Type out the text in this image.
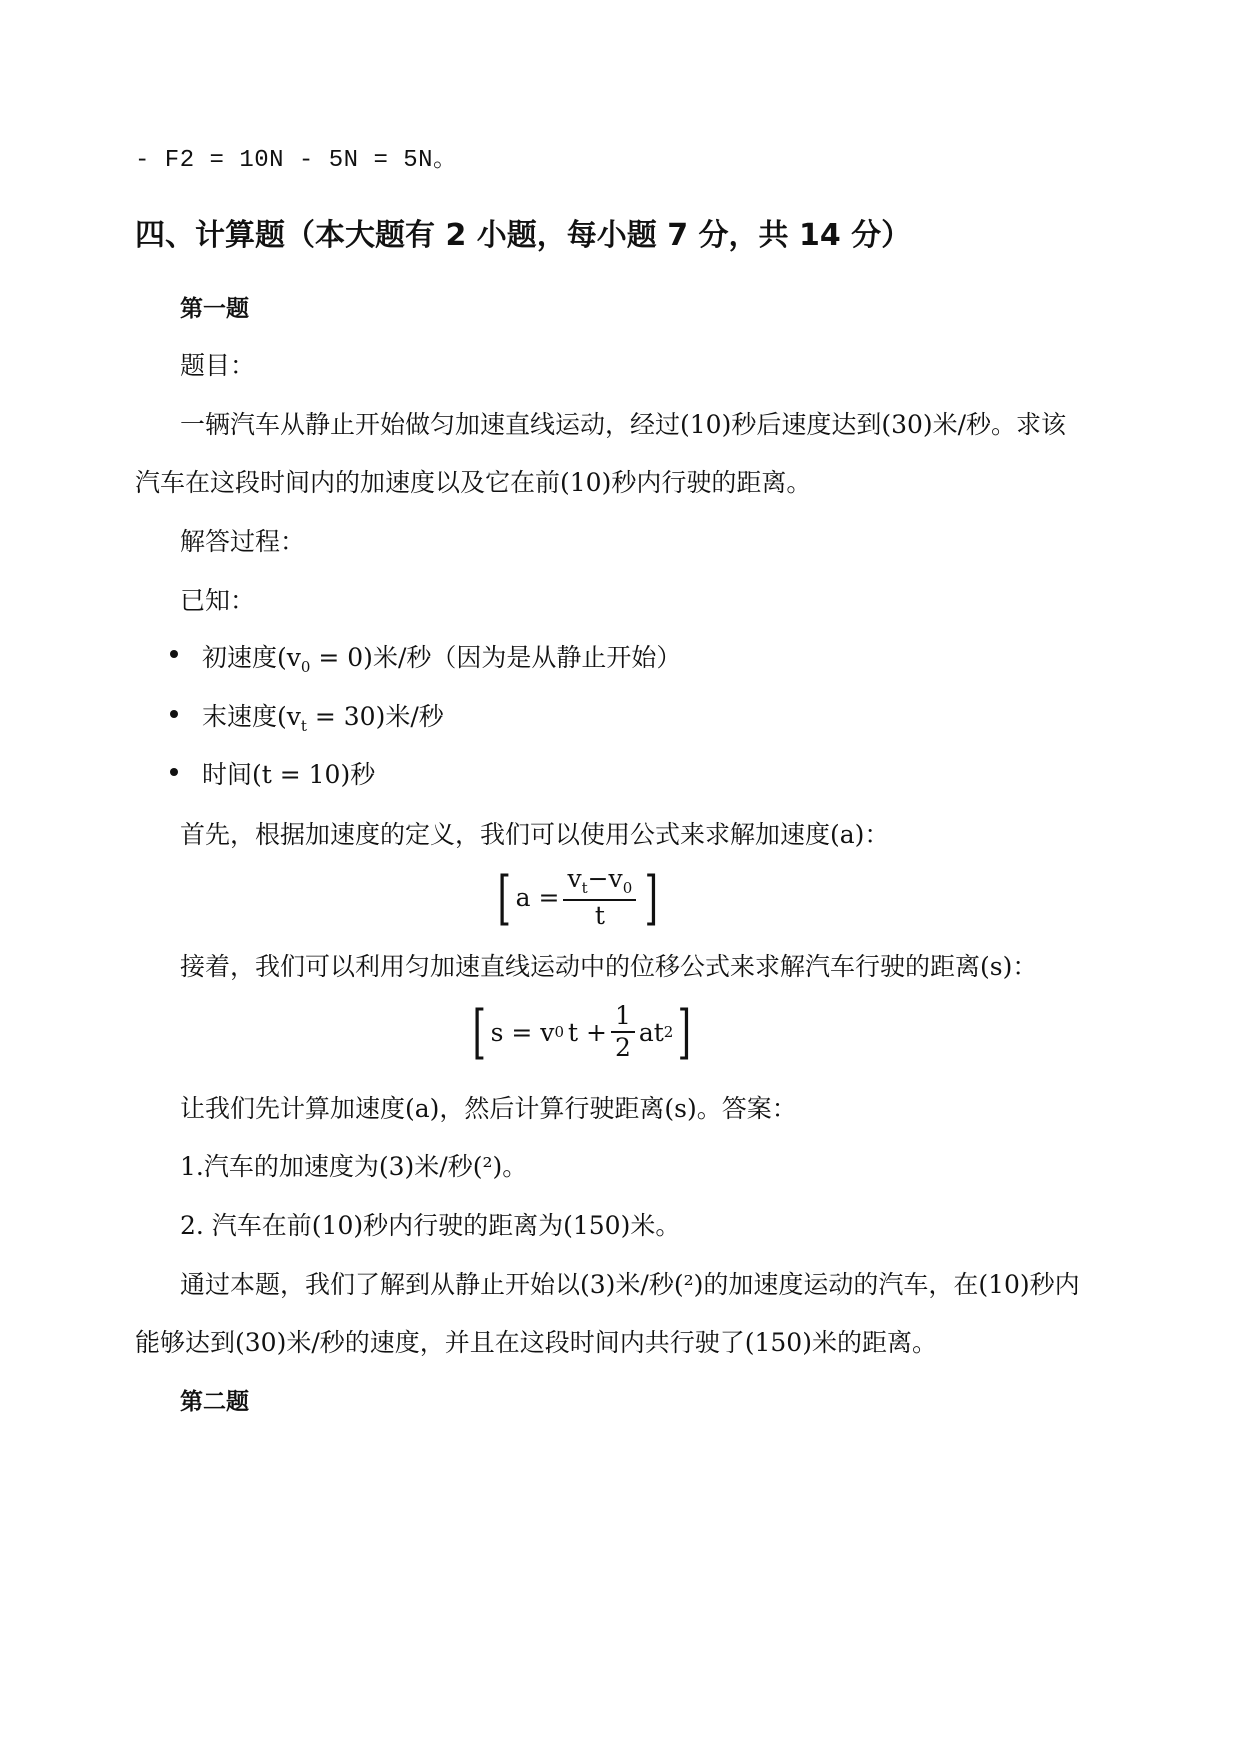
- F2 = 10N - 5N = 5N。
四、计算题（本大题有 2 小题，每小题 7 分，共 14 分）
第一题
题目：
一辆汽车从静止开始做匀加速直线运动，经过(10)秒后速度达到(30)米/秒。求该
汽车在这段时间内的加速度以及它在前(10)秒内行驶的距离。
解答过程：
已知：
初速度$(v_0 = 0)$米/秒（因为是从静止开始）
末速度$(v_t = 30)$米/秒
时间(t = 10)秒
首先，根据加速度的定义，我们可以使用公式来求解加速度(a)：
[ $a = \frac{v_t-v_0}{t}$ ]
接着，我们可以利用匀加速直线运动中的位移公式来求解汽车行驶的距离(s)：
[ s = v 0 $t + \frac{1}{2}$ at 2 ]
让我们先计算加速度(a)，然后计算行驶距离(s)。答案：
1.汽车的加速度为(3)米/秒(²)。
2. 汽车在前(10)秒内行驶的距离为(150)米。
通过本题，我们了解到从静止开始以(3)米/秒(²)的加速度运动的汽车，在(10)秒内
能够达到(30)米/秒的速度，并且在这段时间内共行驶了(150)米的距离。
第二题
